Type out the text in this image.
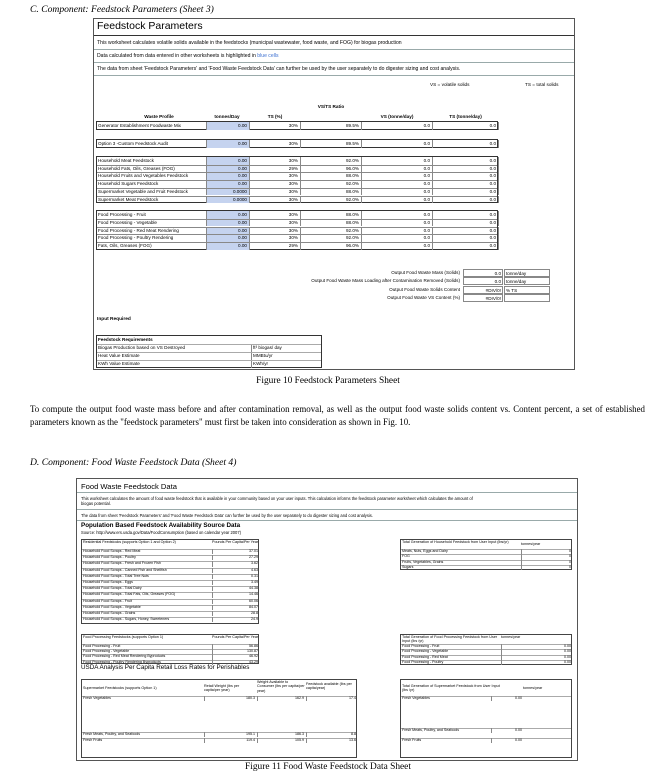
C. Component: Feedstock Parameters (Sheet 3)
Feedstock Parameters
This worksheet calculates volatile solids available in the feedstocks (municipal wastewater, food waste, and FOG) for biogas production
Data calculated from data entered in other worksheets is highlighted in blue cells
The data from sheet 'Feedstock Parameters' and 'Food Waste Feedstock Data' can further be used by the user separately to do digester sizing and cost analysis.
VS = volatile solids	TS = total solids
Waste Profile	tonnes/Day	TS (%)
VS/TS Ratio
VS (tonne/day)	TS (tonne/day)
Generator Establishment Foodwaste Mix	0.00	30%	89.5%	0.0	0.0
Option 3 -Custom Feedstock Audit	0.00	30%	89.5%	0.0	0.0
Household Meat Feedstock	0.00	30%	92.0%	0.0	0.0
Household Fats, Oils, Greases (FOG)	0.00	29%	96.0%	0.0	0.0
Household Fruits and Vegetables Feedstock	0.00	30%	88.0%	0.0	0.0
Household Sugars Feedstock	0.00	30%	92.0%	0.0	0.0
Supermarket Vegetable and Fruit Feedstock	0.0000	30%	88.0%	0.0	0.0
Supermarket Meat Feedstock	0.0000	30%	92.0%	0.0	0.0
Food Processing - Fruit	0.00	30%	88.0%	0.0	0.0
Food Processing - Vegetable	0.00	30%	88.0%	0.0	0.0
Food Processing - Red Meat Rendering	0.00	30%	92.0%	0.0	0.0
Food Processing - Poultry Rendering	0.00	30%	92.0%	0.0	0.0
Fats, Oils, Greases (FOG)	0.00	29%	96.0%	0.0	0.0
Output Food Waste Mass (Solids)	0.0	tonne/day
Output Food Waste Mass Loading after Contamination Removed (Solids)	0.0	tonne/day
Output Food Waste Solids Content	#DIV/0!	% TS
Output Food Waste VS Content (%)	#DIV/0!
Input Required
Feedstock Requirements
Biogas Production based on VS Destroyed	ft³ biogas/ day
Heat Value Estimate	MMBtu/yr
KWh Value Estimate	KWh/yr
Figure 10 Feedstock Parameters Sheet
To compute the output food waste mass before and after contamination removal, as well as the output food waste solids content vs. Content percent, a set of established parameters known as the "feedstock parameters" must first be taken into consideration as shown in Fig. 10.
D. Component: Food Waste Feedstock Data (Sheet 4)
Food Waste Feedstock Data
This worksheet calculates the amount of food waste feedstock that is available in your community based on your user inputs. This calculation informs the feedstock parameter worksheet which calculates the amount of
biogas potential.
The data from sheet 'Feedstock Parameters' and 'Food Waste Feedstock Data' can further be used by the user separately to do digester sizing and cost analysis.
Population Based Feedstock Availability Source Data
Source: http://www.ers.usda.gov/Data/FoodConsumption (based on calendar year 2007)
Residential Feedstocks (supports Option 1 and Option 2)	Pounds Per Capita/Per Year
Household Food Scraps - Red Meat	37.01
Household Food Scraps - Poultry	27.29
Household Food Scraps - Fresh and Frozen Fish	3.62
Household Food Scraps - Canned Fish and Shellfish	4.63
Household Food Scraps - Total Tree Nuts	0.31
Household Food Scraps - Eggs	3.49
Household Food Scraps - Total Dairy	44.38
Household Food Scraps - Total Fats, Oils, Greases (FOG)	14.46
Household Food Scraps - Fruit	60.06
Household Food Scraps - Vegetable	84.07
Household Food Scraps - Grains	28.8
Household Food Scraps - Sugars, Honey, Sweeteners	24.9
Total Generation of Household Feedstock from User Input (lbs/yr)	tonnes/year
Meats, Nuts, Eggs and Dairy	0
FOG	0
Fruits, Vegetables, Grains	0
Sugars	0
Food Processing Feedstocks (supports Option 1)	Pounds Per Capita/Per Year
Food Processing - Fruit	56.86
Food Processing - Vegetable	130.87
Food Processing - Red Meat Rendering Byproducts	46.92
Food Processing - Poultry Rendering Byproducts	43.29
Total Generation of Food Processing Feedstock from User Input (lbs /yr)
tonnes/year
Food Processing - Fruit	0.00
Food Processing - Vegetable	0.00
Food Processing - Red Meat	0.00
Food Processing - Poultry	0.00
USDA Analysis Per Capita Retail Loss Rates for Perishables
Supermarket Feedstocks (supports Option 1)	Retail Weight (lbs per capita/per year)
Weight Available to Consumer (lbs per capita/per year)
Feedstock available (lbs per capita/year)
Fresh Vegetables	180.3	162.9	17.4
Fresh Meats, Poultry, and Seafoods	195.1	186.3	8.8
Fresh Fruits	119.4	105.9	13.6
Total Generation of Supermarket Feedstock from User Input (lbs /yr)
tonnes/year
Fresh Vegetables	0.00
Fresh Meats, Poultry, and Seafoods	0.00
Fresh Fruits	0.00
Figure 11 Food Waste Feedstock Data Sheet
